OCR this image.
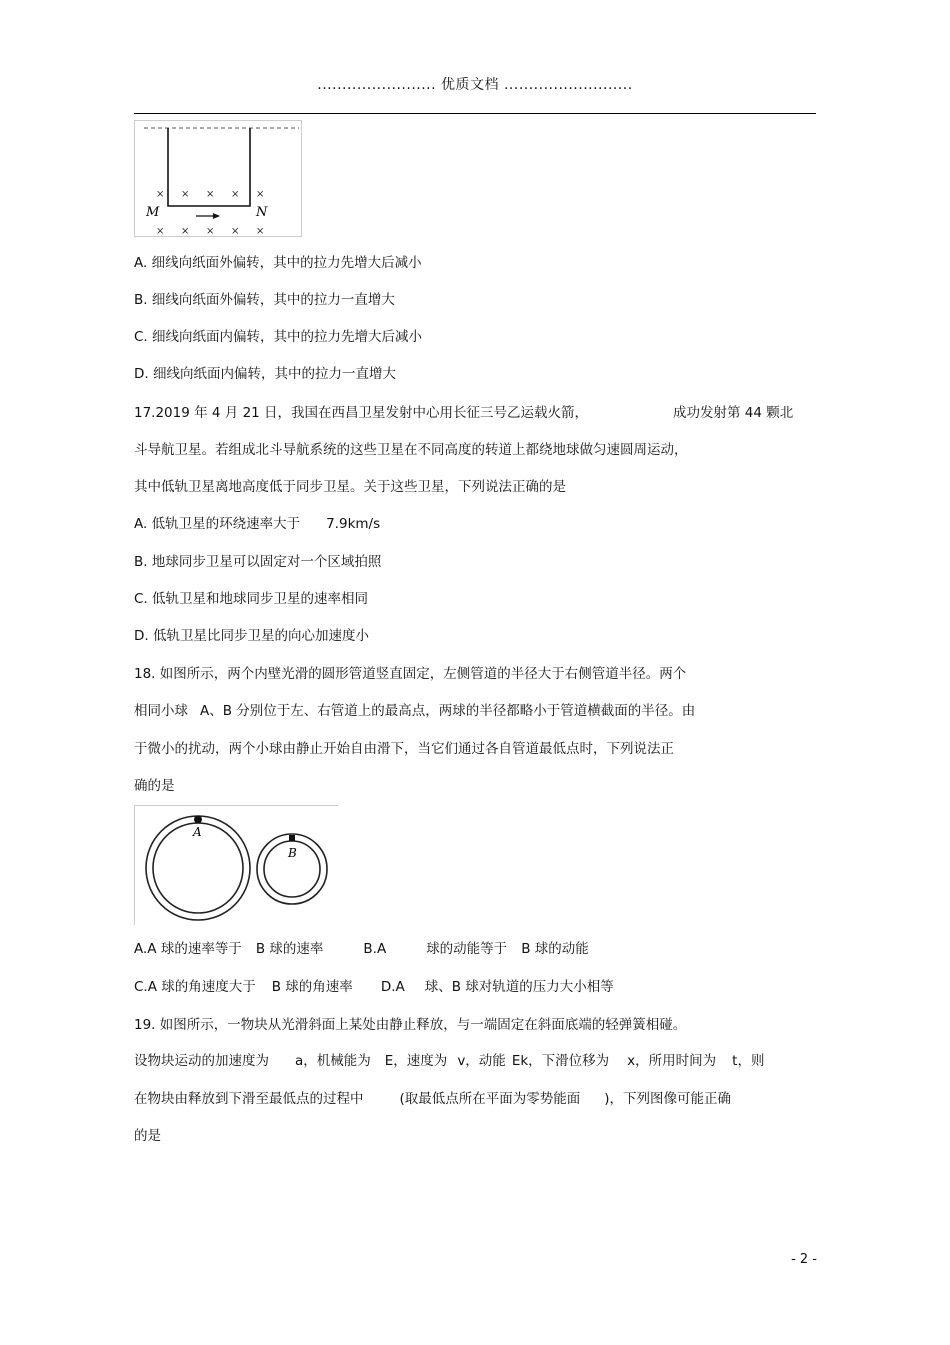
........................ 优质文档 ..........................
× × × × ×
× × × × ×
M	N
A. 细线向纸面外偏转，其中的拉力先增大后减小
B. 细线向纸面外偏转，其中的拉力一直增大
C. 细线向纸面内偏转，其中的拉力先增大后减小
D. 细线向纸面内偏转，其中的拉力一直增大
17.2019 年 4 月 21 日，我国在西昌卫星发射中心用长征三号乙运载火箭，	成功发射第 44 颗北
斗导航卫星。若组成北斗导航系统的这些卫星在不同高度的转道上都绕地球做匀速圆周运动，
其中低轨卫星离地高度低于同步卫星。关于这些卫星，下列说法正确的是
A. 低轨卫星的环绕速率大于 7.9km/s
B. 地球同步卫星可以固定对一个区域拍照
C. 低轨卫星和地球同步卫星的速率相同
D. 低轨卫星比同步卫星的向心加速度小
18. 如图所示，两个内壁光滑的圆形管道竖直固定，左侧管道的半径大于右侧管道半径。两个
相同小球 A、B 分别位于左、右管道上的最高点，两球的半径都略小于管道横截面的半径。由
于微小的扰动，两个小球由静止开始自由滑下，当它们通过各自管道最低点时，下列说法正
确的是
A
B
A.A 球的速率等于 B 球的速率	B.A	球的动能等于 B 球的动能
C.A 球的角速度大于 B 球的角速率 D.A 球、B 球对轨道的压力大小相等
19. 如图所示，一物块从光滑斜面上某处由静止释放，与一端固定在斜面底端的轻弹簧相碰。
设物块运动的加速度为 a，机械能为 E，速度为 v，动能 Ek，下滑位移为 x，所用时间为 t，则
在物块由释放到下滑至最低点的过程中	(取最低点所在平面为零势能面 )，下列图像可能正确
的是
- 2 -
